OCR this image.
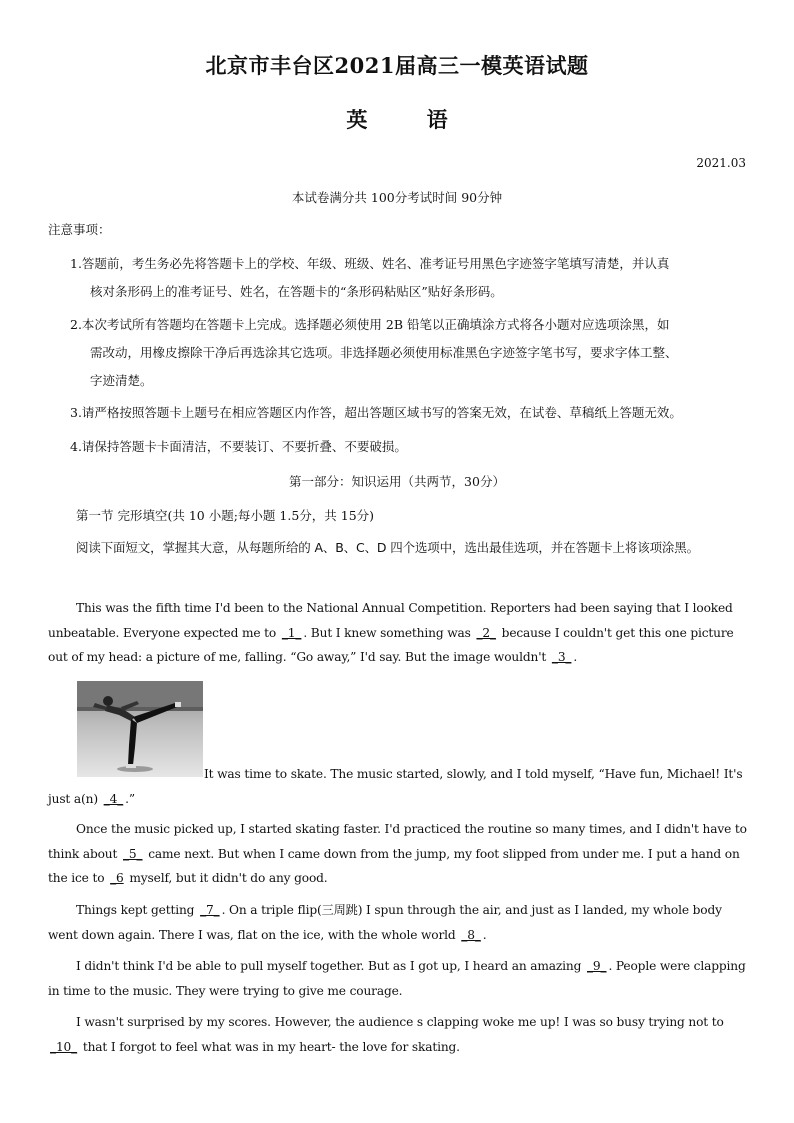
北京市丰台区2021届高三一模英语试题
英 语
2021.03
本试卷满分共 100分考试时间 90分钟
注意事项：
1.答题前，考生务必先将答题卡上的学校、年级、班级、姓名、准考证号用黑色字迹签字笔填写清楚，并认真
核对条形码上的准考证号、姓名，在答题卡的“条形码粘贴区”贴好条形码。
2.本次考试所有答题均在答题卡上完成。选择题必须使用 2B 铅笔以正确填涂方式将各小题对应选项涂黑，如
需改动，用橡皮擦除干净后再选涂其它选项。非选择题必须使用标准黑色字迹签字笔书写，要求字体工整、
字迹清楚。
3.请严格按照答题卡上题号在相应答题区内作答，超出答题区域书写的答案无效，在试卷、草稿纸上答题无效。
4.请保持答题卡卡面清洁，不要装订、不要折叠、不要破损。
第一部分：知识运用（共两节，30分）
第一节 完形填空(共 10 小题;每小题 1.5分，共 15分)
阅读下面短文，掌握其大意，从每题所给的 A、B、C、D 四个选项中，选出最佳选项，并在答题卡上将该项涂黑。
This was the fifth time I'd been to the National Annual Competition. Reporters had been saying that I looked unbeatable. Everyone expected me to _1_ . But I knew something was _2_ because I couldn't get this one picture out of my head: a picture of me, falling. “Go away,” I'd say. But the image wouldn't _3_ .
It was time to skate. The music started, slowly, and I told myself, “Have fun, Michael! It's just a(n) _4_ .”
Once the music picked up, I started skating faster. I'd practiced the routine so many times, and I didn't have to think about _5_ came next. But when I came down from the jump, my foot slipped from under me. I put a hand on the ice to _6 myself, but it didn't do any good.
Things kept getting _7_ . On a triple flip(三周跳) I spun through the air, and just as I landed, my whole body went down again. There I was, flat on the ice, with the whole world _8_ .
I didn't think I'd be able to pull myself together. But as I got up, I heard an amazing _9_ . People were clapping in time to the music. They were trying to give me courage.
I wasn't surprised by my scores. However, the audience s clapping woke me up! I was so busy trying not to _10_ that I forgot to feel what was in my heart- the love for skating.
